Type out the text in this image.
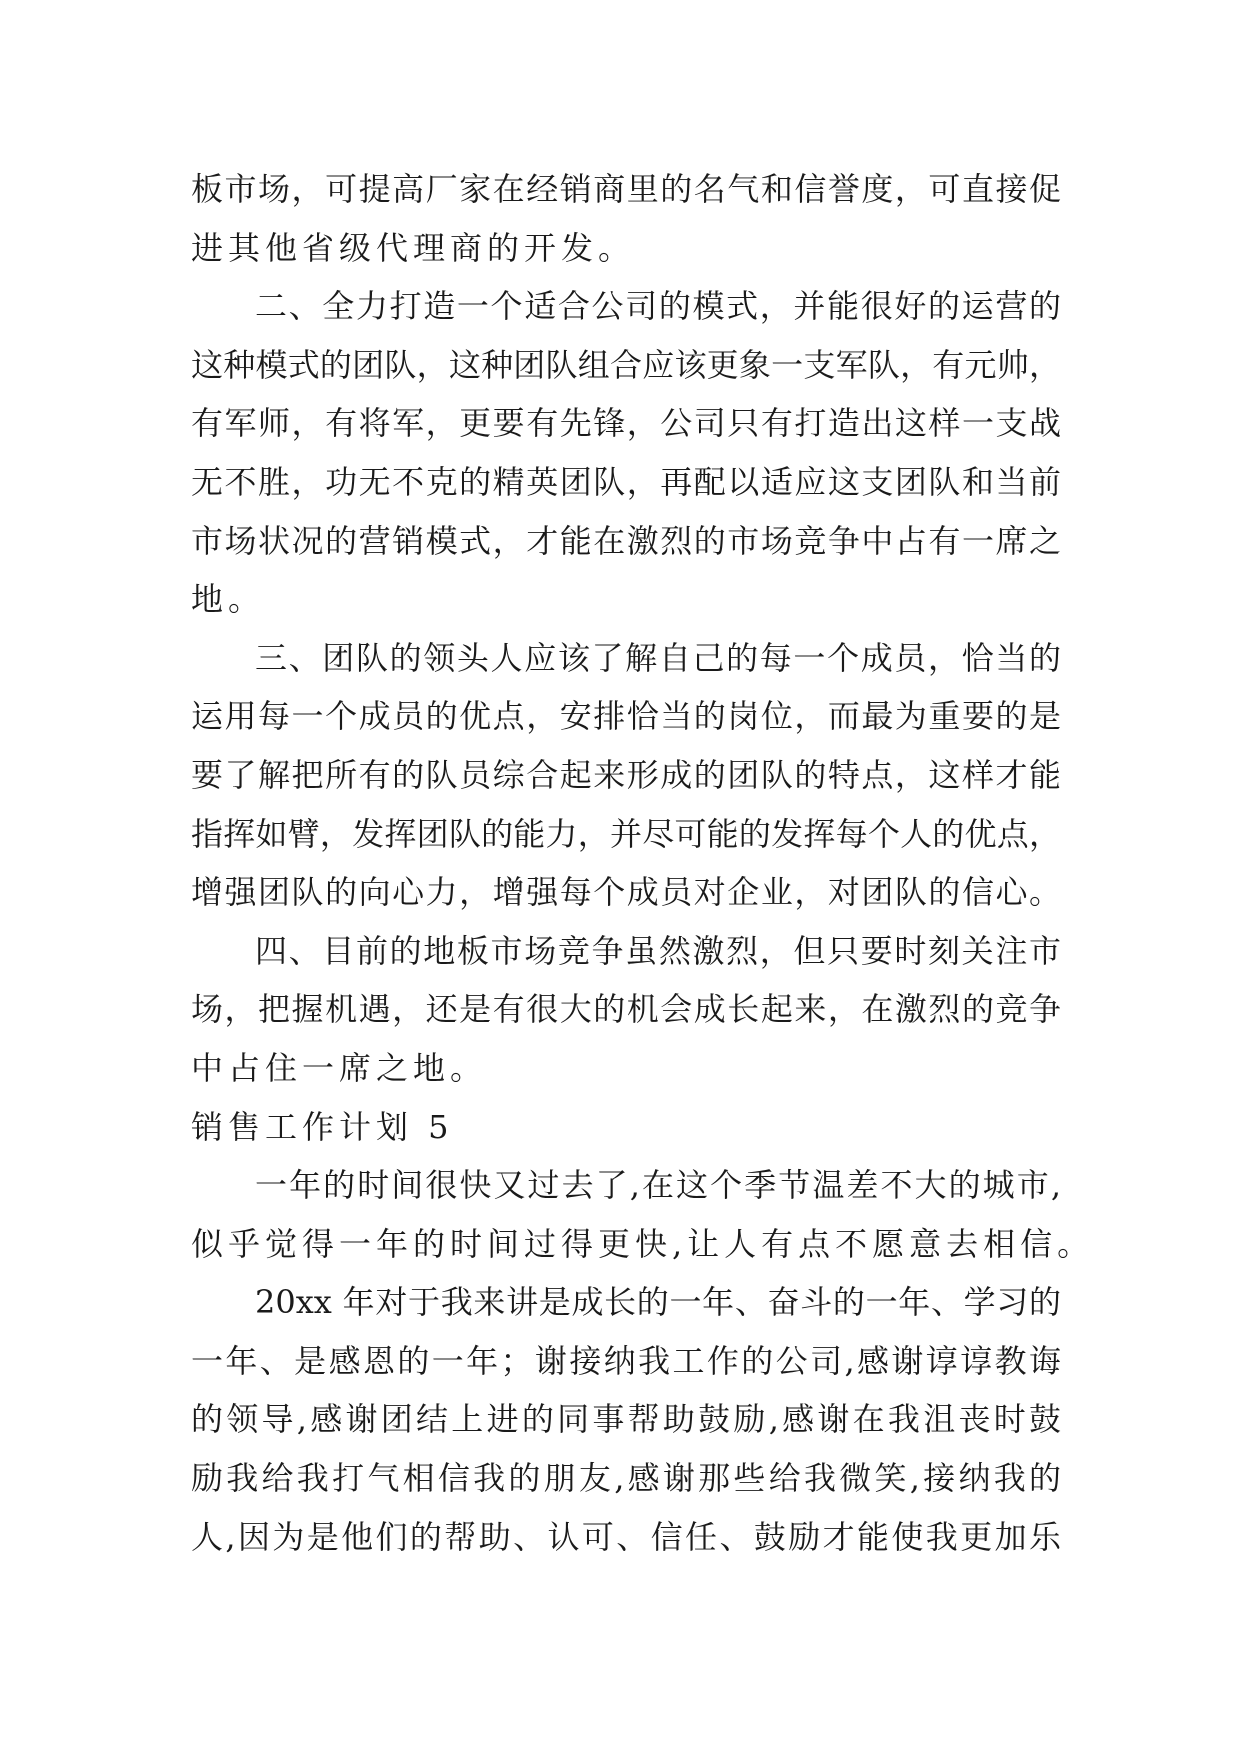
板市场，可提高厂家在经销商里的名气和信誉度，可直接促
进其他省级代理商的开发。
二、全力打造一个适合公司的模式，并能很好的运营的
这种模式的团队，这种团队组合应该更象一支军队，有元帅，
有军师，有将军，更要有先锋，公司只有打造出这样一支战
无不胜，功无不克的精英团队，再配以适应这支团队和当前
市场状况的营销模式，才能在激烈的市场竞争中占有一席之
地。
三、团队的领头人应该了解自己的每一个成员，恰当的
运用每一个成员的优点，安排恰当的岗位，而最为重要的是
要了解把所有的队员综合起来形成的团队的特点，这样才能
指挥如臂，发挥团队的能力，并尽可能的发挥每个人的优点，
增强团队的向心力，增强每个成员对企业，对团队的信心。
四、目前的地板市场竞争虽然激烈，但只要时刻关注市
场，把握机遇，还是有很大的机会成长起来，在激烈的竞争
中占住一席之地。
销售工作计划 5
一年的时间很快又过去了,在这个季节温差不大的城市,
似乎觉得一年的时间过得更快,让人有点不愿意去相信。
20xx 年对于我来讲是成长的一年、奋斗的一年、学习的
一年、是感恩的一年；谢接纳我工作的公司,感谢谆谆教诲
的领导,感谢团结上进的同事帮助鼓励,感谢在我沮丧时鼓
励我给我打气相信我的朋友,感谢那些给我微笑,接纳我的
人,因为是他们的帮助、认可、信任、鼓励才能使我更加乐
